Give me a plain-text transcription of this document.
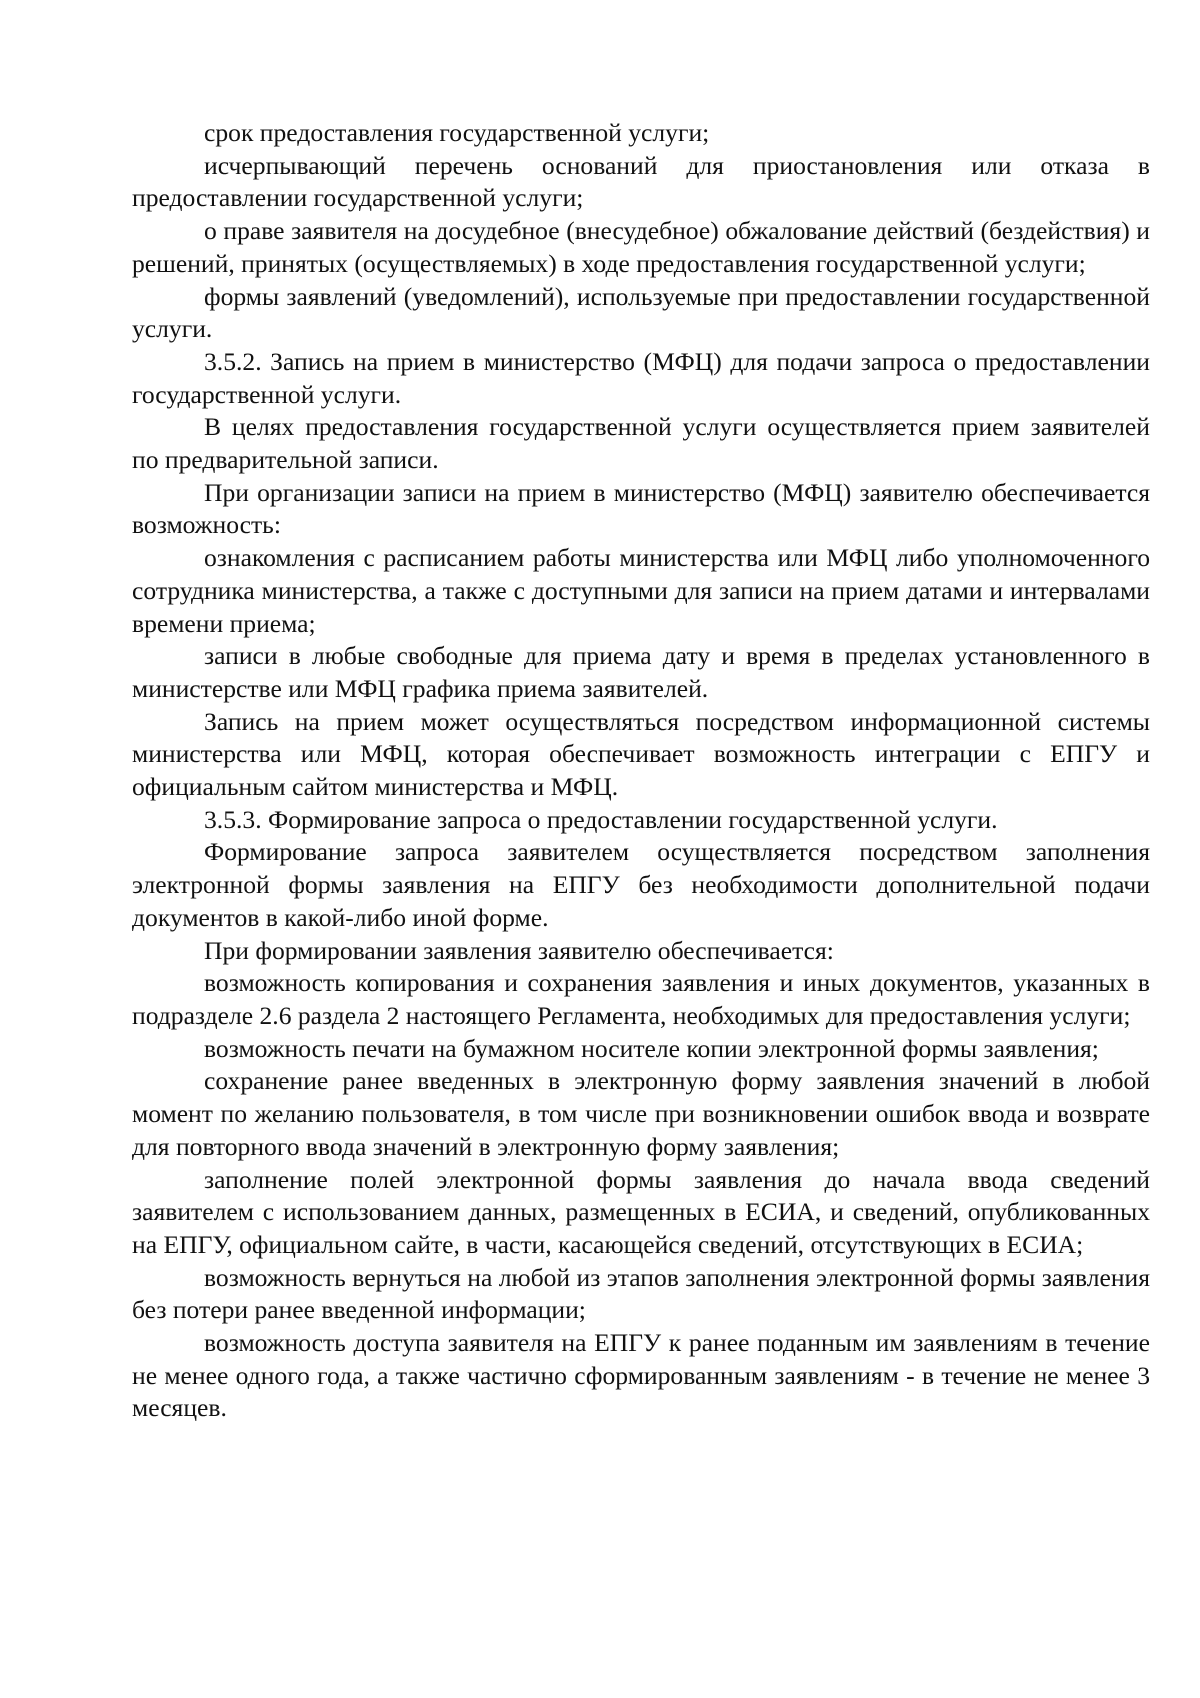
срок предоставления государственной услуги;

исчерпывающий перечень оснований для приостановления или отказа в предоставлении государственной услуги;

о праве заявителя на досудебное (внесудебное) обжалование действий (бездействия) и решений, принятых (осуществляемых) в ходе предоставления государственной услуги;

формы заявлений (уведомлений), используемые при предоставлении государственной услуги.

3.5.2. Запись на прием в министерство (МФЦ) для подачи запроса о предоставлении государственной услуги.

В целях предоставления государственной услуги осуществляется прием заявителей по предварительной записи.

При организации записи на прием в министерство (МФЦ) заявителю обеспечивается возможность:

ознакомления с расписанием работы министерства или МФЦ либо уполномоченного сотрудника министерства, а также с доступными для записи на прием датами и интервалами времени приема;

записи в любые свободные для приема дату и время в пределах установленного в министерстве или МФЦ графика приема заявителей.

Запись на прием может осуществляться посредством информационной системы министерства или МФЦ, которая обеспечивает возможность интеграции с ЕПГУ и официальным сайтом министерства и МФЦ.

3.5.3. Формирование запроса о предоставлении государственной услуги.

Формирование запроса заявителем осуществляется посредством заполнения электронной формы заявления на ЕПГУ без необходимости дополнительной подачи документов в какой-либо иной форме.

При формировании заявления заявителю обеспечивается:

возможность копирования и сохранения заявления и иных документов, указанных в подразделе 2.6 раздела 2 настоящего Регламента, необходимых для предоставления услуги;

возможность печати на бумажном носителе копии электронной формы заявления;

сохранение ранее введенных в электронную форму заявления значений в любой момент по желанию пользователя, в том числе при возникновении ошибок ввода и возврате для повторного ввода значений в электронную форму заявления;

заполнение полей электронной формы заявления до начала ввода сведений заявителем с использованием данных, размещенных в ЕСИА, и сведений, опубликованных на ЕПГУ, официальном сайте, в части, касающейся сведений, отсутствующих в ЕСИА;

возможность вернуться на любой из этапов заполнения электронной формы заявления без потери ранее введенной информации;

возможность доступа заявителя на ЕПГУ к ранее поданным им заявлениям в течение не менее одного года, а также частично сформированным заявлениям - в течение не менее 3 месяцев.
